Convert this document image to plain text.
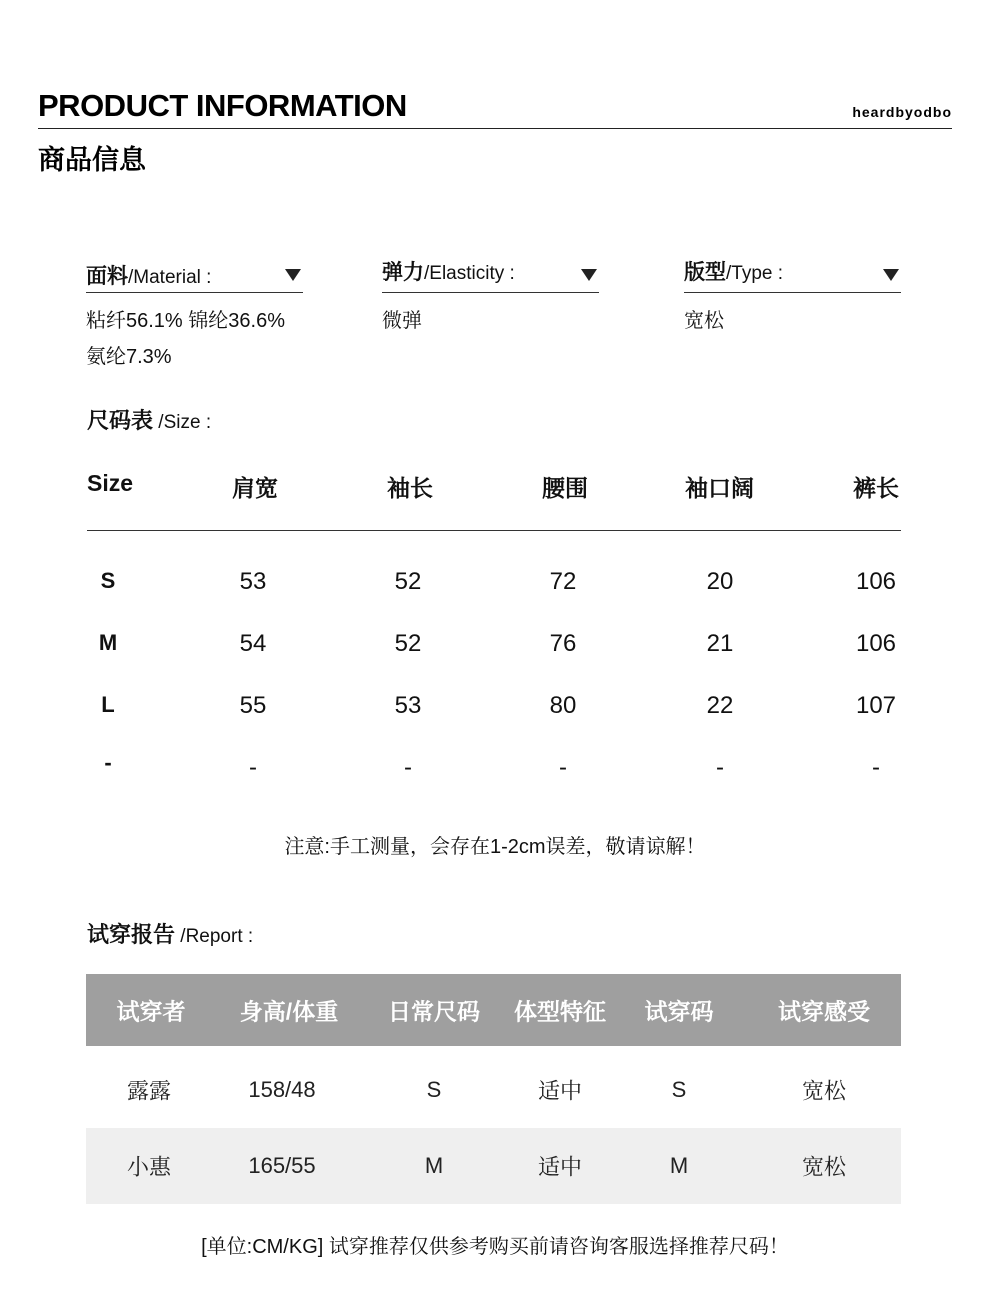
PRODUCT INFORMATION	heardbyodbo
商品信息
面料/Material :
粘纤56.1% 锦纶36.6%
氨纶7.3%
弹力/Elasticity :
微弹
版型/Type :
宽松
尺码表 /Size :
Size	肩宽	袖长	腰围	袖口阔	裤长
S	53	52	72	20	106
M	54	52	76	21	106
L	55	53	80	22	107
-	-	-	-	-	-
注意:手工测量，会存在1-2cm误差，敬请谅解！
试穿报告 /Report :
试穿者 身高/体重 日常尺码 体型特征 试穿码	试穿感受
露露	158/48	S	适中	S	宽松
小惠	165/55	M	适中	M	宽松
[单位:CM/KG] 试穿推荐仅供参考购买前请咨询客服选择推荐尺码！
